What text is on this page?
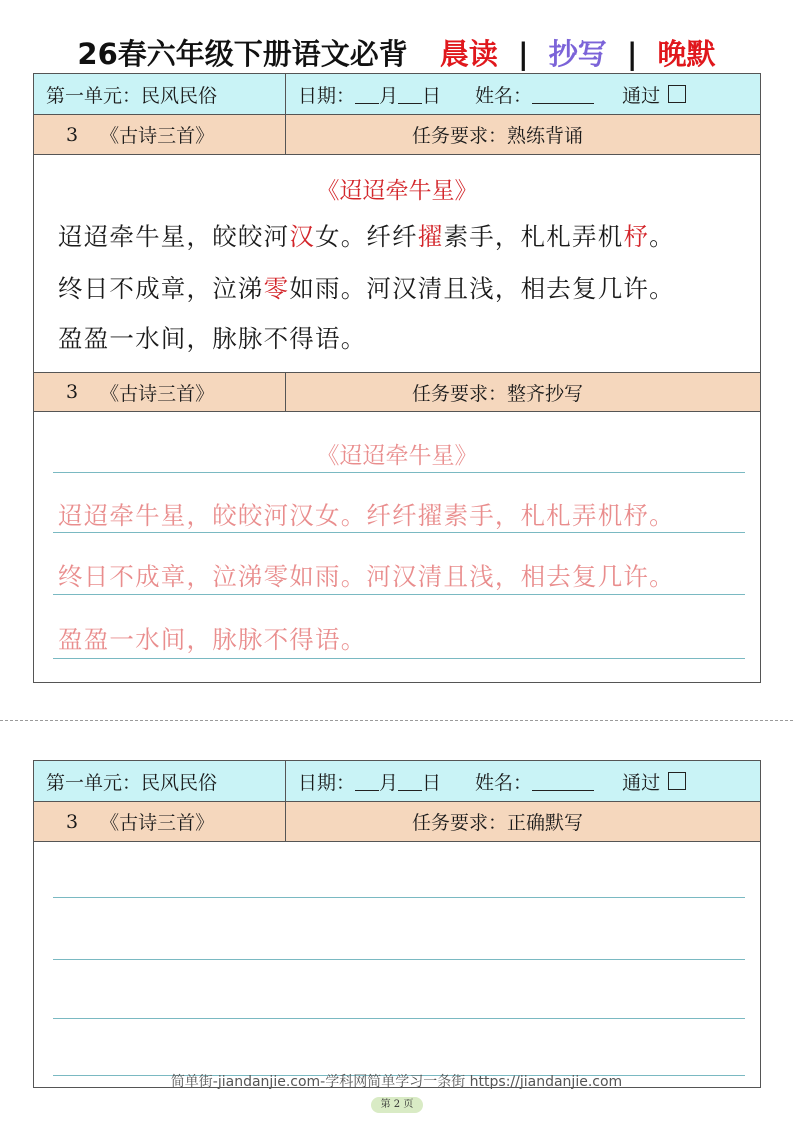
26春六年级下册语文必背 晨读 | 抄写 | 晚默
第一单元：民风民俗	日期： 月 日 姓名：	通过
3 《古诗三首》	任务要求：熟练背诵
《迢迢牵牛星》
迢迢牵牛星，皎皎河汉女。纤纤擢素手，札札弄机杼。
终日不成章，泣涕零如雨。河汉清且浅，相去复几许。
盈盈一水间，脉脉不得语。
3 《古诗三首》	任务要求：整齐抄写
《迢迢牵牛星》
迢迢牵牛星，皎皎河汉女。纤纤擢素手，札札弄机杼。
终日不成章，泣涕零如雨。河汉清且浅，相去复几许。
盈盈一水间，脉脉不得语。
第一单元：民风民俗	日期： 月 日 姓名：	通过
3 《古诗三首》	任务要求：正确默写
简单街-jiandanjie.com-学科网简单学习一条街 https://jiandanjie.com
第 2 页
